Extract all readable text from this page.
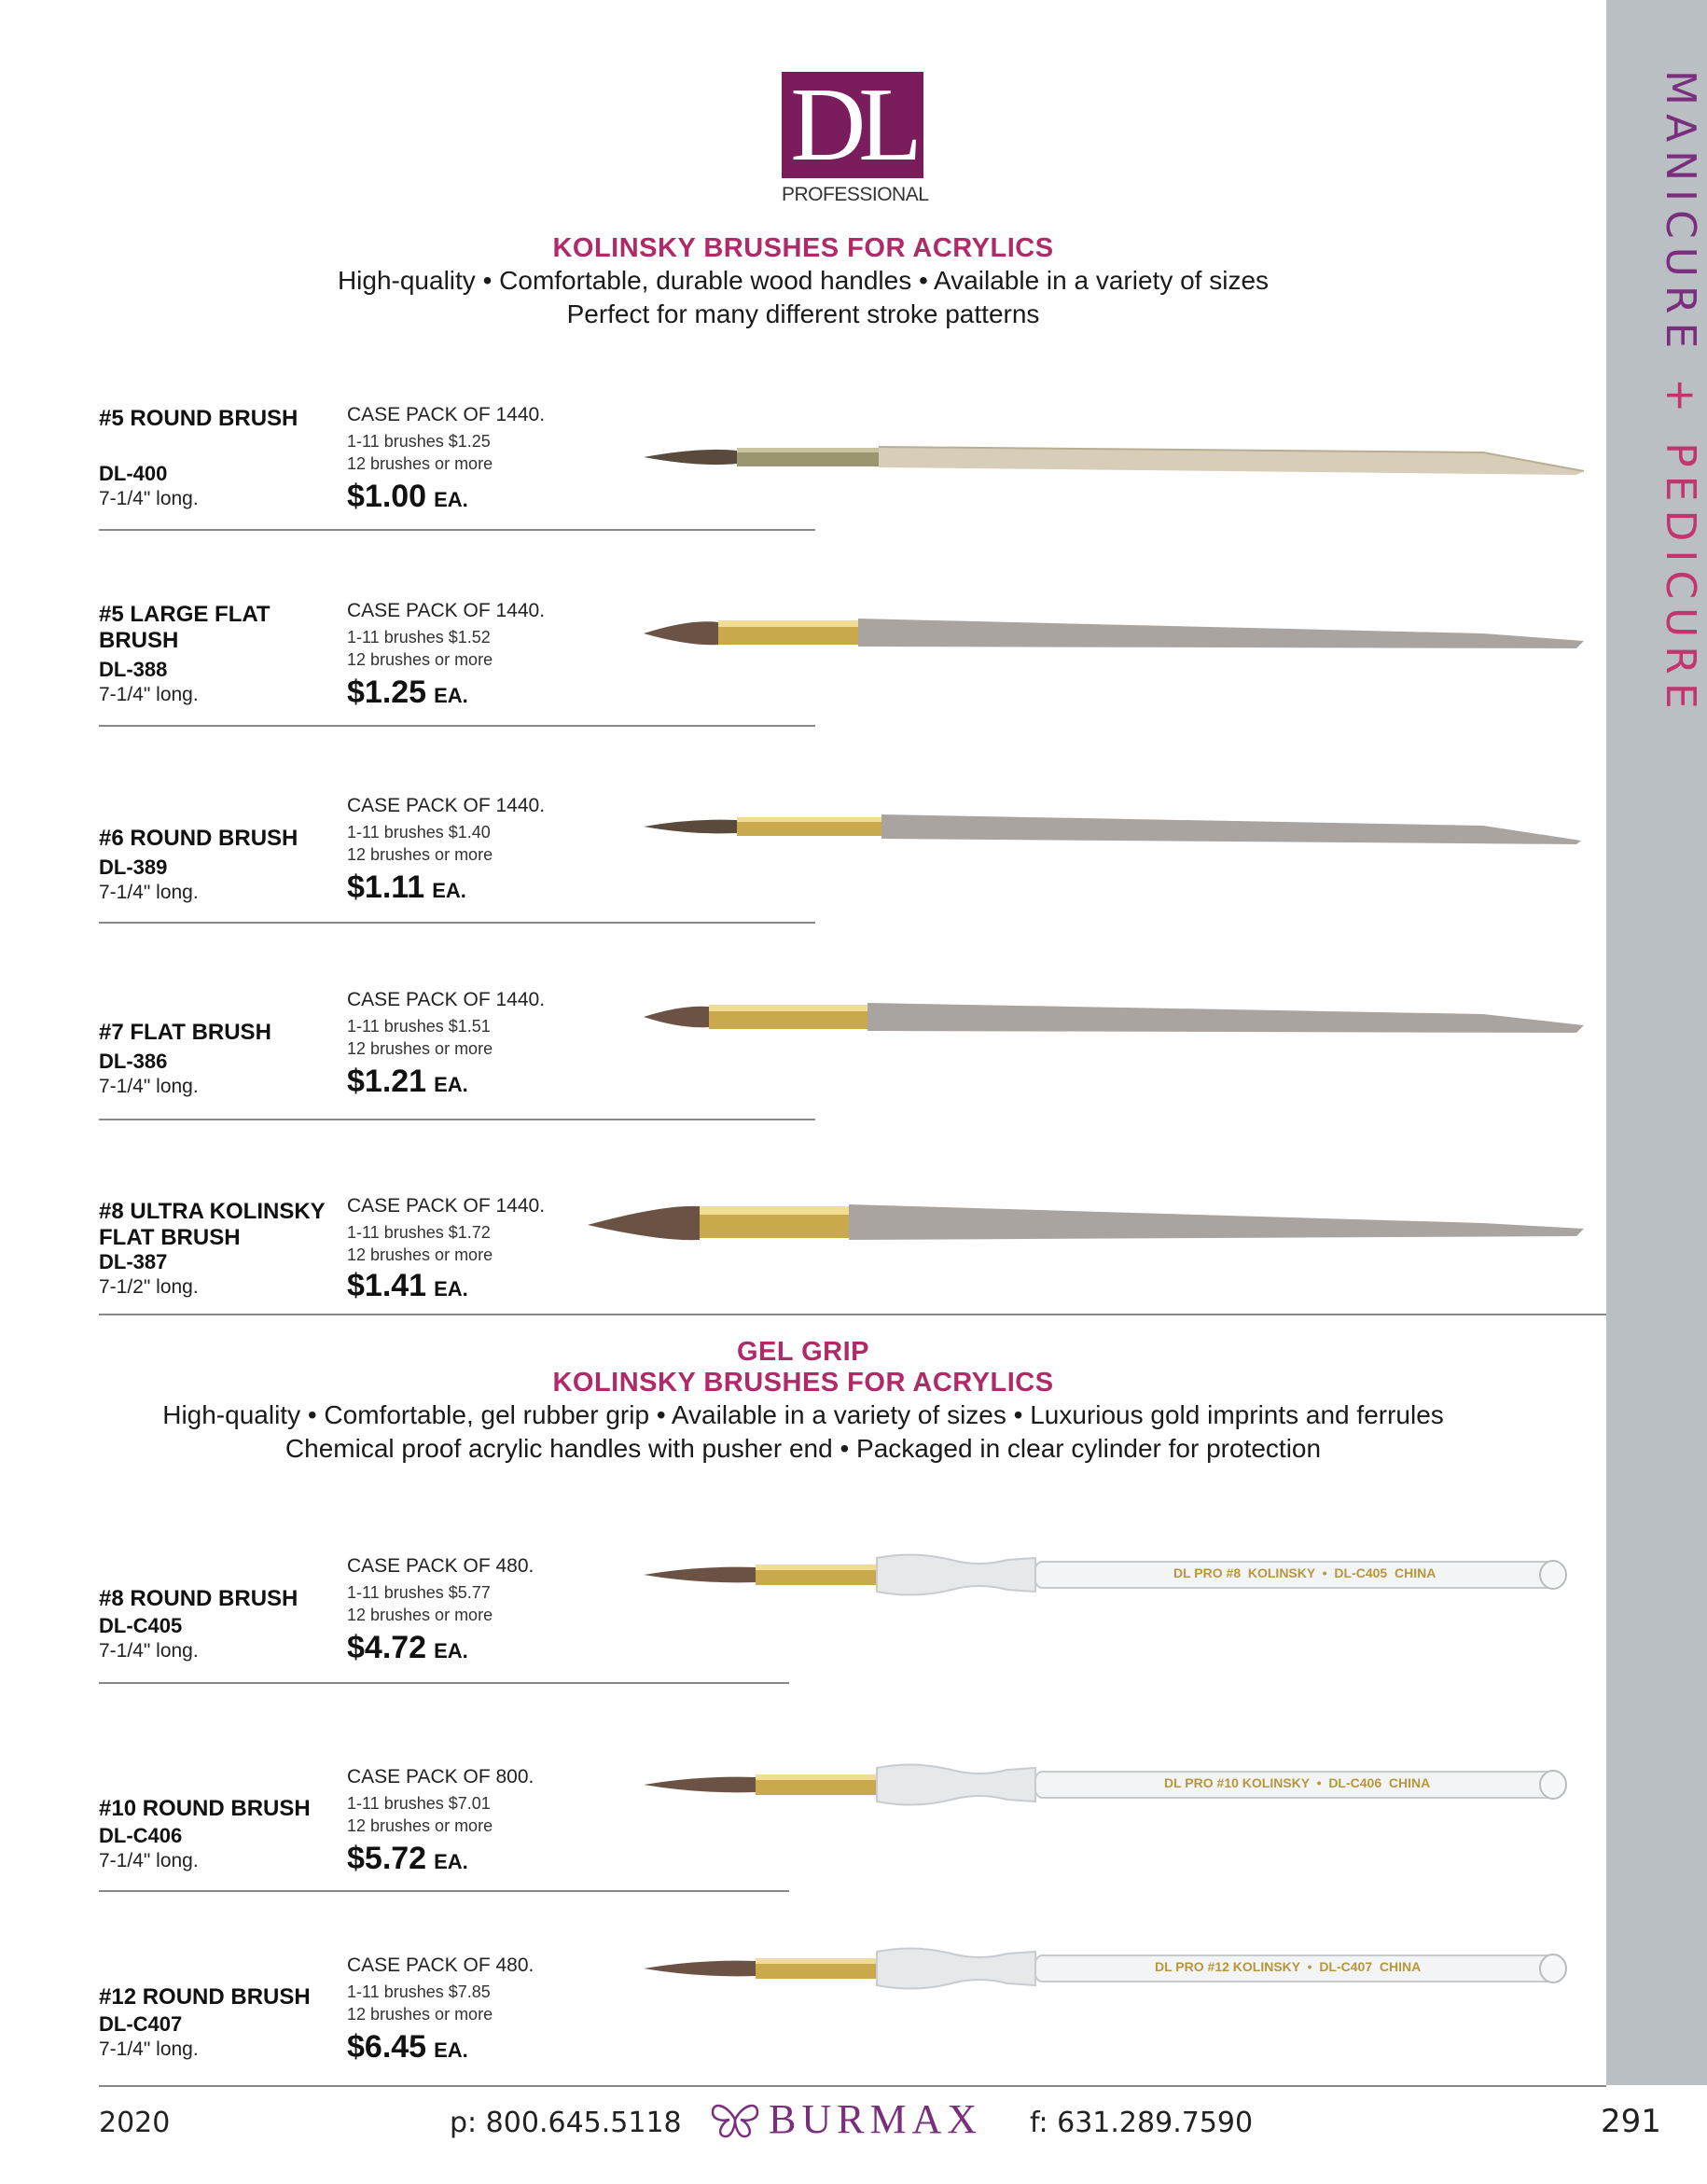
MANICURE + PEDICURE
DL
PROFESSIONAL
KOLINSKY BRUSHES FOR ACRYLICS
High-quality • Comfortable, durable wood handles • Available in a variety of sizes
Perfect for many different stroke patterns
#5 ROUND BRUSH
DL-400
7-1/4" long.
CASE PACK OF 1440.
1-11 brushes $1.25
12 brushes or more
$1.00 EA.
#5 LARGE FLAT BRUSH
DL-388
7-1/4" long.
CASE PACK OF 1440.
1-11 brushes $1.52
12 brushes or more
$1.25 EA.
#6 ROUND BRUSH
DL-389
7-1/4" long.
CASE PACK OF 1440.
1-11 brushes $1.40
12 brushes or more
$1.11 EA.
#7 FLAT BRUSH
DL-386
7-1/4" long.
CASE PACK OF 1440.
1-11 brushes $1.51
12 brushes or more
$1.21 EA.
#8 ULTRA KOLINSKY FLAT BRUSH
DL-387
7-1/2" long.
CASE PACK OF 1440.
1-11 brushes $1.72
12 brushes or more
$1.41 EA.
GEL GRIP
KOLINSKY BRUSHES FOR ACRYLICS
High-quality • Comfortable, gel rubber grip • Available in a variety of sizes • Luxurious gold imprints and ferrules
Chemical proof acrylic handles with pusher end • Packaged in clear cylinder for protection
#8 ROUND BRUSH
DL-C405
7-1/4" long.
CASE PACK OF 480.
1-11 brushes $5.77
12 brushes or more
$4.72 EA.
DL PRO #8  KOLINSKY  •  DL-C405  CHINA
#10 ROUND BRUSH
DL-C406
7-1/4" long.
CASE PACK OF 800.
1-11 brushes $7.01
12 brushes or more
$5.72 EA.
DL PRO #10 KOLINSKY  •  DL-C406  CHINA
#12 ROUND BRUSH
DL-C407
7-1/4" long.
CASE PACK OF 480.
1-11 brushes $7.85
12 brushes or more
$6.45 EA.
DL PRO #12 KOLINSKY  •  DL-C407  CHINA
2020	p: 800.645.5118 BURMAX f: 631.289.7590	291
